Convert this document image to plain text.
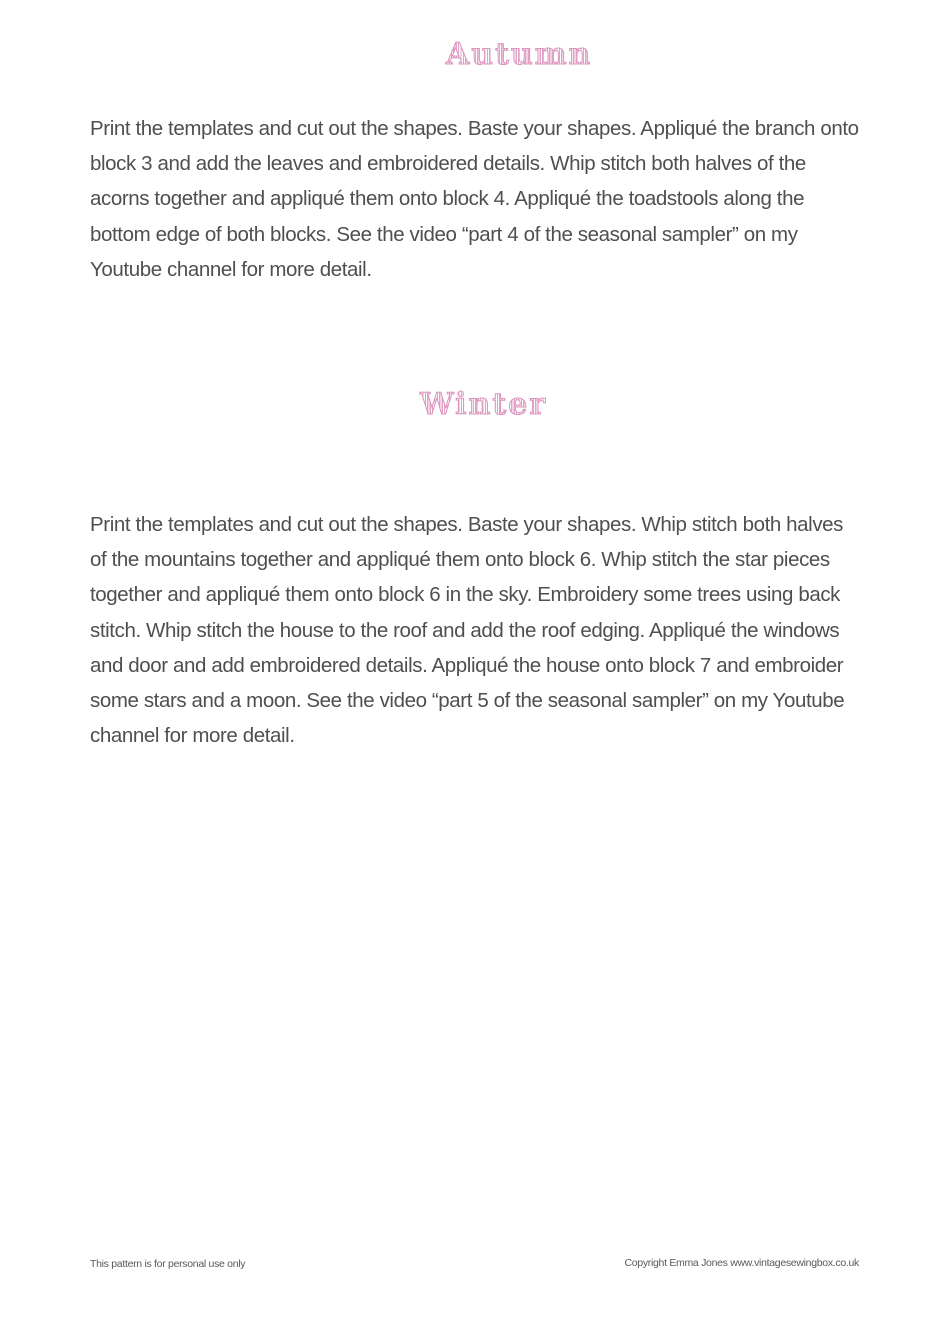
Autumn

Print the templates and cut out the shapes. Baste your shapes. Appliqué the branch onto block 3 and add the leaves and embroidered details. Whip stitch both halves of the acorns together and appliqué them onto block 4. Appliqué the toadstools along the bottom edge of both blocks. See the video “part 4 of the seasonal sampler” on my Youtube channel for more detail.

Winter

Print the templates and cut out the shapes. Baste your shapes. Whip stitch both halves of the mountains together and appliqué them onto block 6. Whip stitch the star pieces together and appliqué them onto block 6 in the sky. Embroidery some trees using back stitch. Whip stitch the house to the roof and add the roof edging. Appliqué the windows and door and add embroidered details. Appliqué the house onto block 7 and embroider some stars and a moon. See the video “part 5 of the seasonal sampler” on my Youtube channel for more detail.

This pattern is for personal use only	Copyright Emma Jones www.vintagesewingbox.co.uk
